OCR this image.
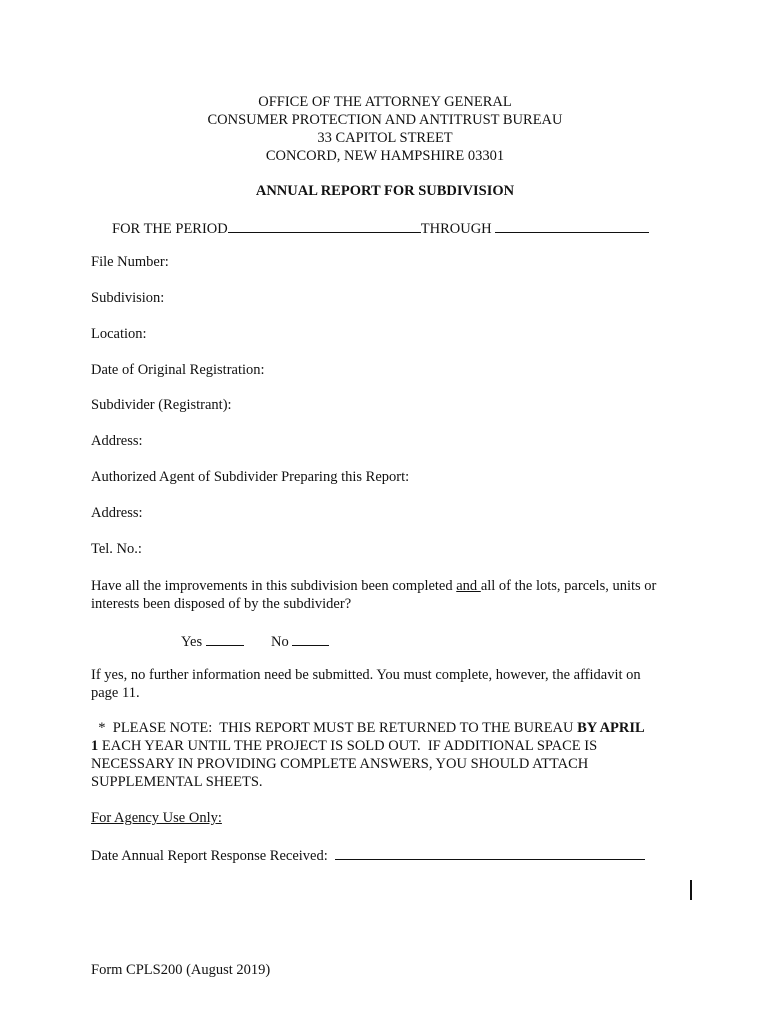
OFFICE OF THE ATTORNEY GENERAL
CONSUMER PROTECTION AND ANTITRUST BUREAU
33 CAPITOL STREET
CONCORD, NEW HAMPSHIRE 03301
ANNUAL REPORT FOR SUBDIVISION
FOR THE PERIOD	THROUGH
File Number:
Subdivision:
Location:
Date of Original Registration:
Subdivider (Registrant):
Address:
Authorized Agent of Subdivider Preparing this Report:
Address:
Tel. No.:
Have all the improvements in this subdivision been completed and all of the lots, parcels, units or
interests been disposed of by the subdivider?
Yes	No
If yes, no further information need be submitted. You must complete, however, the affidavit on
page 11.
*  PLEASE NOTE:  THIS REPORT MUST BE RETURNED TO THE BUREAU BY APRIL
1 EACH YEAR UNTIL THE PROJECT IS SOLD OUT.  IF ADDITIONAL SPACE IS
NECESSARY IN PROVIDING COMPLETE ANSWERS, YOU SHOULD ATTACH
SUPPLEMENTAL SHEETS.
For Agency Use Only:
Date Annual Report Response Received:
Form CPLS200 (August 2019)
